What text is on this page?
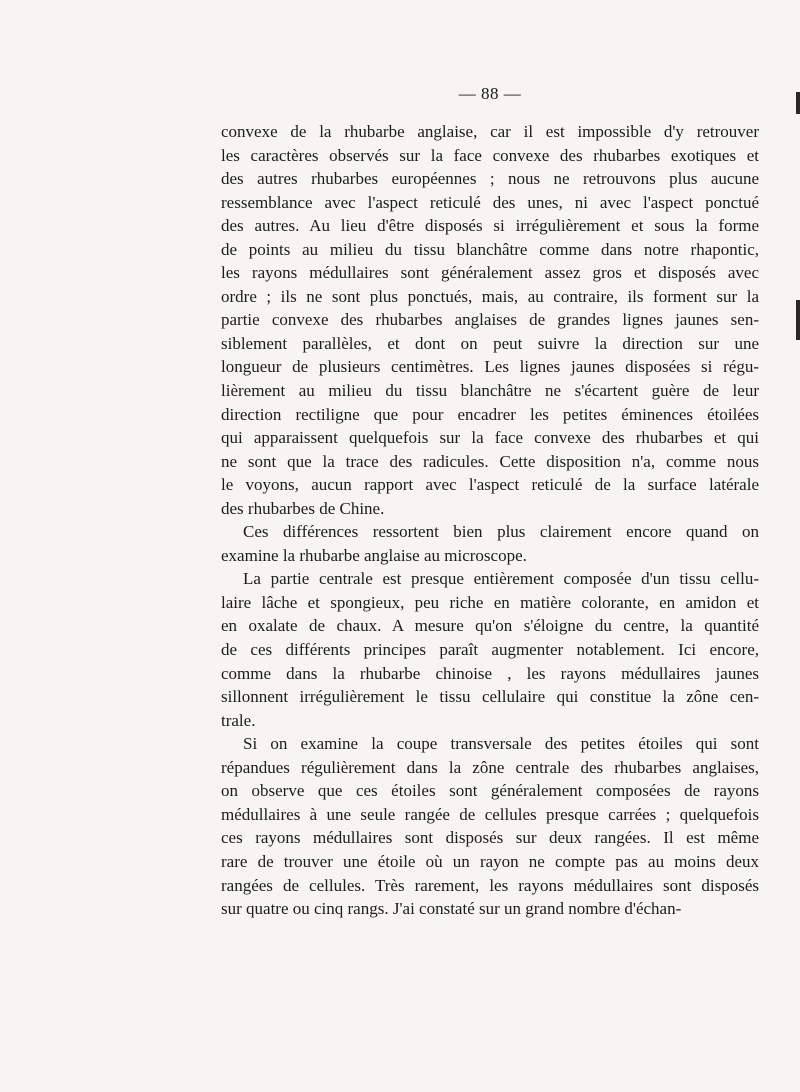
— 88 —
convexe de la rhubarbe anglaise, car il est impossible d'y retrouver
les caractères observés sur la face convexe des rhubarbes exotiques et
des autres rhubarbes européennes ; nous ne retrouvons plus aucune
ressemblance avec l'aspect reticulé des unes, ni avec l'aspect ponctué
des autres. Au lieu d'être disposés si irrégulièrement et sous la forme
de points au milieu du tissu blanchâtre comme dans notre rhapontic,
les rayons médullaires sont généralement assez gros et disposés avec
ordre ; ils ne sont plus ponctués, mais, au contraire, ils forment sur la
partie convexe des rhubarbes anglaises de grandes lignes jaunes sen-
siblement parallèles, et dont on peut suivre la direction sur une
longueur de plusieurs centimètres. Les lignes jaunes disposées si régu-
lièrement au milieu du tissu blanchâtre ne s'écartent guère de leur
direction rectiligne que pour encadrer les petites éminences étoilées
qui apparaissent quelquefois sur la face convexe des rhubarbes et qui
ne sont que la trace des radicules. Cette disposition n'a, comme nous
le voyons, aucun rapport avec l'aspect reticulé de la surface latérale
des rhubarbes de Chine.
Ces différences ressortent bien plus clairement encore quand on
examine la rhubarbe anglaise au microscope.
La partie centrale est presque entièrement composée d'un tissu cellu-
laire lâche et spongieux, peu riche en matière colorante, en amidon et
en oxalate de chaux. A mesure qu'on s'éloigne du centre, la quantité
de ces différents principes paraît augmenter notablement. Ici encore,
comme dans la rhubarbe chinoise , les rayons médullaires jaunes
sillonnent irrégulièrement le tissu cellulaire qui constitue la zône cen-
trale.
Si on examine la coupe transversale des petites étoiles qui sont
répandues régulièrement dans la zône centrale des rhubarbes anglaises,
on observe que ces étoiles sont généralement composées de rayons
médullaires à une seule rangée de cellules presque carrées ; quelquefois
ces rayons médullaires sont disposés sur deux rangées. Il est même
rare de trouver une étoile où un rayon ne compte pas au moins deux
rangées de cellules. Très rarement, les rayons médullaires sont disposés
sur quatre ou cinq rangs. J'ai constaté sur un grand nombre d'échan-
